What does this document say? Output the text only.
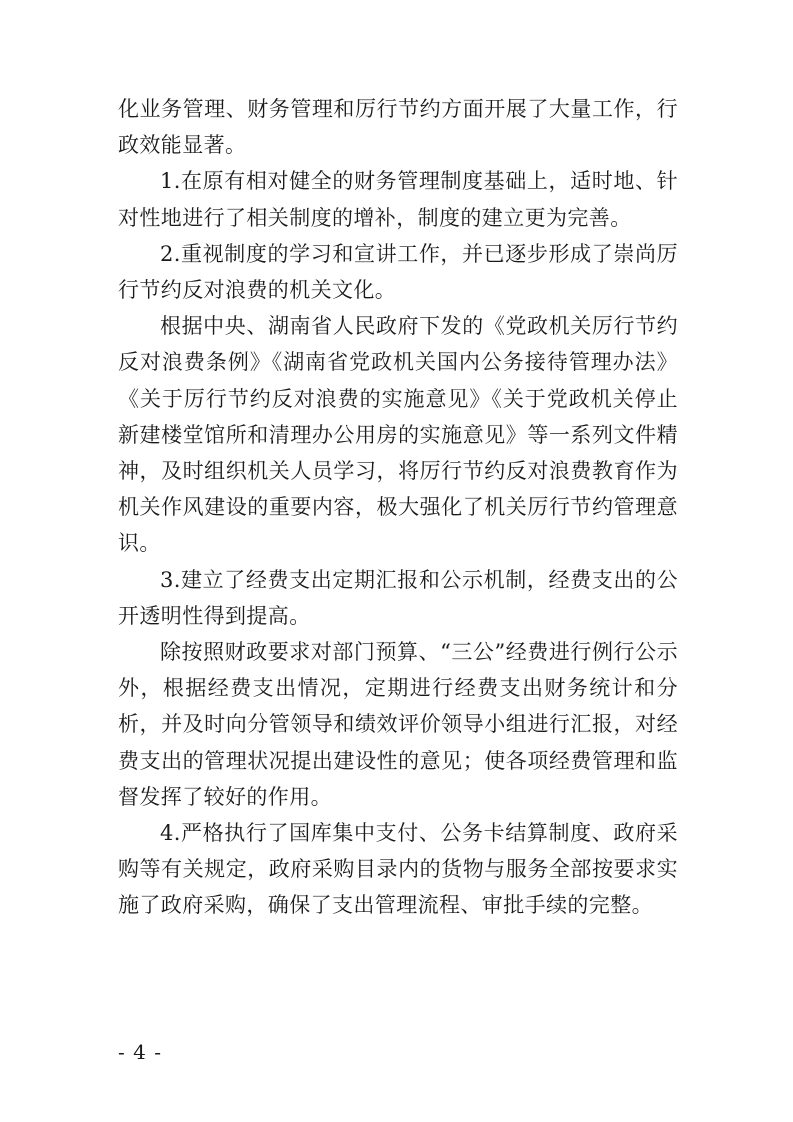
化业务管理、财务管理和厉行节约方面开展了大量工作，行政效能显著。

1.在原有相对健全的财务管理制度基础上，适时地、针对性地进行了相关制度的增补，制度的建立更为完善。

2.重视制度的学习和宣讲工作，并已逐步形成了崇尚厉行节约反对浪费的机关文化。

根据中央、湖南省人民政府下发的《党政机关厉行节约反对浪费条例》《湖南省党政机关国内公务接待管理办法》《关于厉行节约反对浪费的实施意见》《关于党政机关停止新建楼堂馆所和清理办公用房的实施意见》等一系列文件精神，及时组织机关人员学习，将厉行节约反对浪费教育作为机关作风建设的重要内容，极大强化了机关厉行节约管理意识。

3.建立了经费支出定期汇报和公示机制，经费支出的公开透明性得到提高。

除按照财政要求对部门预算、“三公”经费进行例行公示外，根据经费支出情况，定期进行经费支出财务统计和分析，并及时向分管领导和绩效评价领导小组进行汇报，对经费支出的管理状况提出建设性的意见；使各项经费管理和监督发挥了较好的作用。

4.严格执行了国库集中支付、公务卡结算制度、政府采购等有关规定，政府采购目录内的货物与服务全部按要求实施了政府采购，确保了支出管理流程、审批手续的完整。

- 4 -
